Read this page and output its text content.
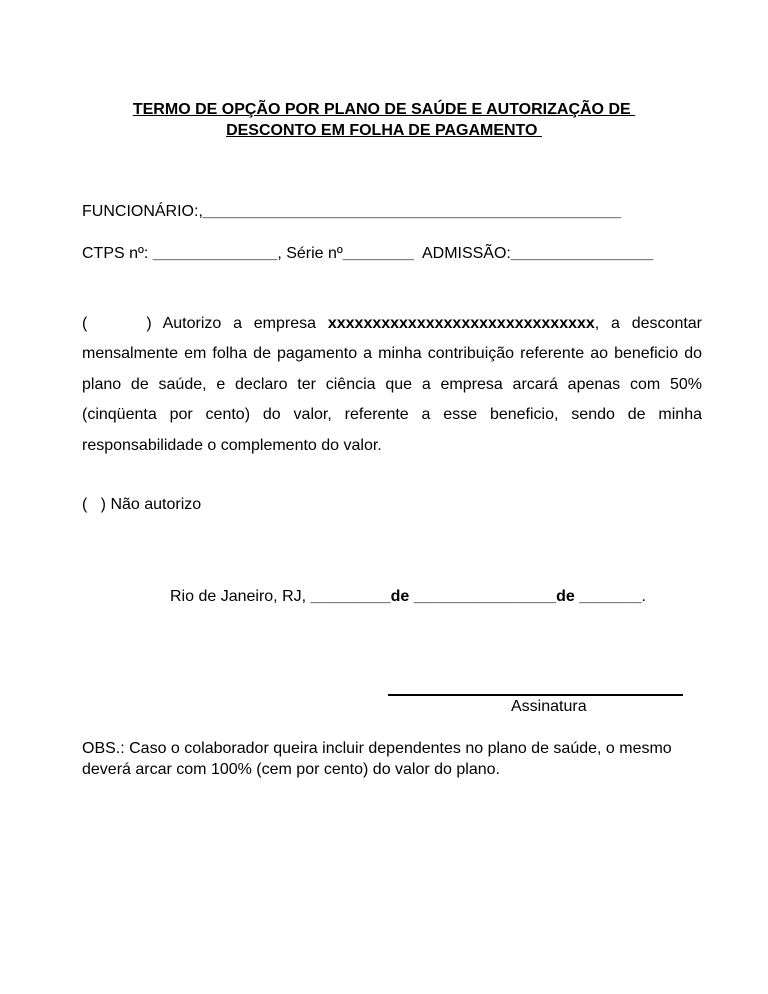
TERMO DE OPÇÃO POR PLANO DE SAÚDE E AUTORIZAÇÃO DE
DESCONTO EM FOLHA DE PAGAMENTO
FUNCIONÁRIO:,_______________________________________________
CTPS nº: ______________, Série nº________  ADMISSÃO:________________
(     ) Autorizo a empresa xxxxxxxxxxxxxxxxxxxxxxxxxxxxxx, a descontar mensalmente em folha de pagamento a minha contribuição referente ao beneficio do plano de saúde, e declaro ter ciência que a empresa arcará apenas com 50% (cinqüenta por cento) do valor, referente a esse beneficio, sendo de minha responsabilidade o complemento do valor.
(   ) Não autorizo
Rio de Janeiro, RJ, _________de ________________de _______.
Assinatura
OBS.: Caso o colaborador queira incluir dependentes no plano de saúde, o mesmo deverá arcar com 100% (cem por cento) do valor do plano.
